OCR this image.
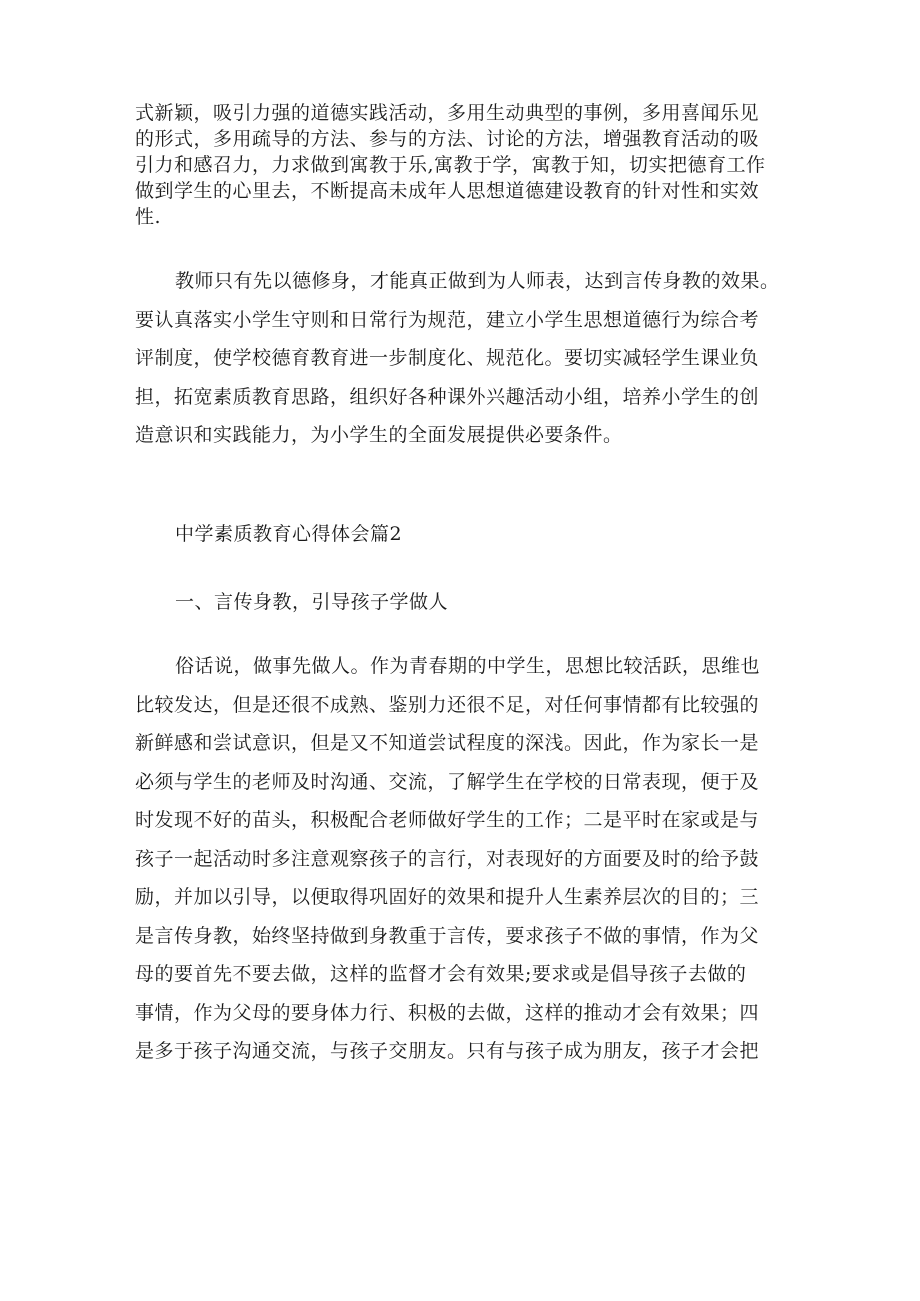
式新颖，吸引力强的道德实践活动，多用生动典型的事例，多用喜闻乐见
的形式，多用疏导的方法、参与的方法、讨论的方法，增强教育活动的吸
引力和感召力，力求做到寓教于乐,寓教于学，寓教于知，切实把德育工作
做到学生的心里去，不断提高未成年人思想道德建设教育的针对性和实效
性.
教师只有先以德修身，才能真正做到为人师表，达到言传身教的效果。
要认真落实小学生守则和日常行为规范，建立小学生思想道德行为综合考
评制度，使学校德育教育进一步制度化、规范化。要切实减轻学生课业负
担，拓宽素质教育思路，组织好各种课外兴趣活动小组，培养小学生的创
造意识和实践能力，为小学生的全面发展提供必要条件。
中学素质教育心得体会篇2
一、言传身教，引导孩子学做人
俗话说，做事先做人。作为青春期的中学生，思想比较活跃，思维也
比较发达，但是还很不成熟、鉴别力还很不足，对任何事情都有比较强的
新鲜感和尝试意识，但是又不知道尝试程度的深浅。因此，作为家长一是
必须与学生的老师及时沟通、交流，了解学生在学校的日常表现，便于及
时发现不好的苗头，积极配合老师做好学生的工作；二是平时在家或是与
孩子一起活动时多注意观察孩子的言行，对表现好的方面要及时的给予鼓
励，并加以引导，以便取得巩固好的效果和提升人生素养层次的目的；三
是言传身教，始终坚持做到身教重于言传，要求孩子不做的事情，作为父
母的要首先不要去做，这样的监督才会有效果;要求或是倡导孩子去做的
事情，作为父母的要身体力行、积极的去做，这样的推动才会有效果；四
是多于孩子沟通交流，与孩子交朋友。只有与孩子成为朋友，孩子才会把
